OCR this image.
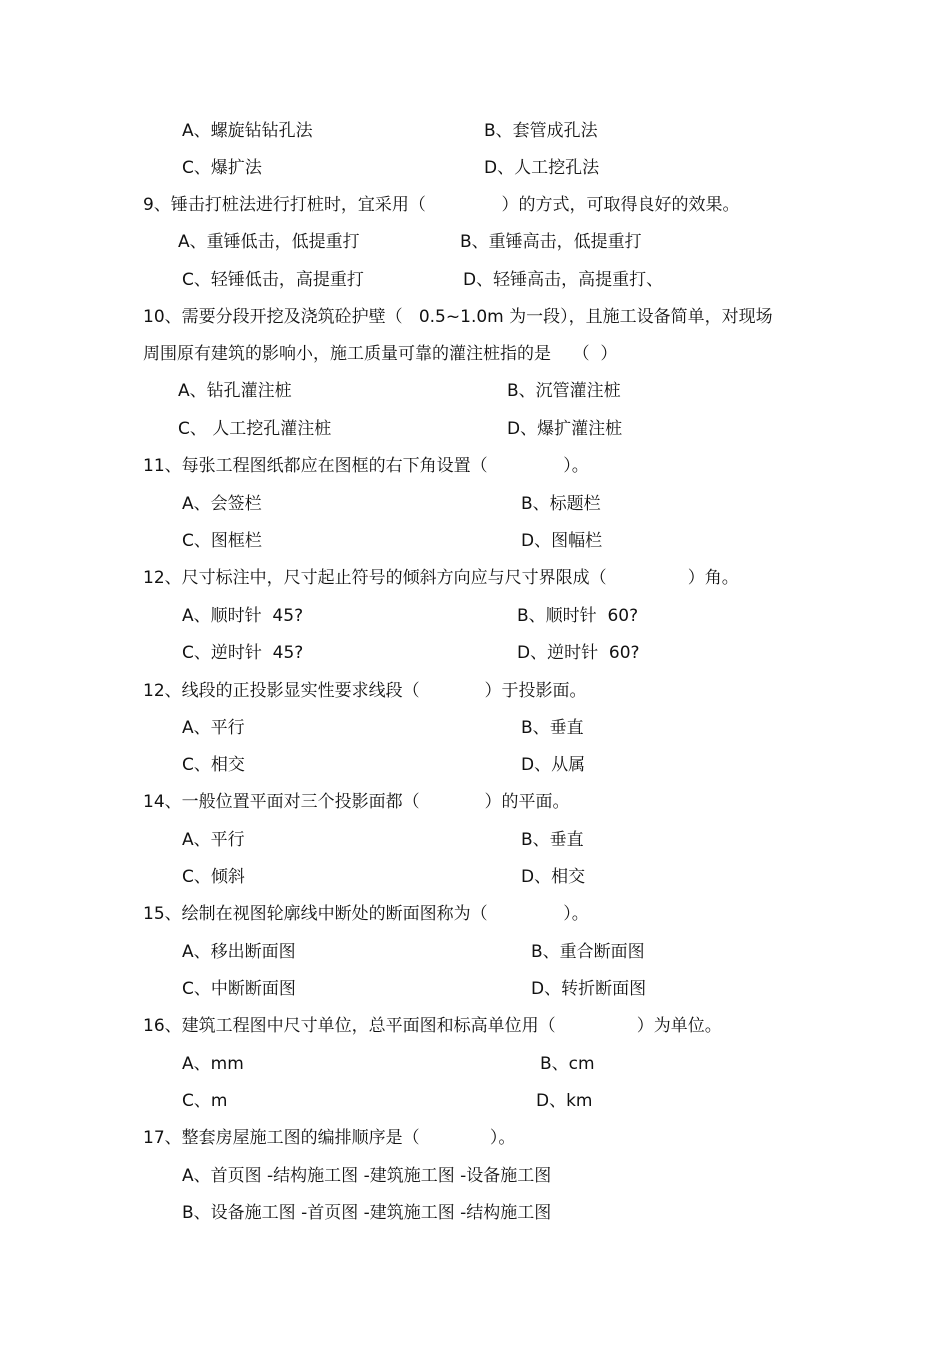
A、螺旋钻钻孔法	B、套管成孔法
C、爆扩法	D、人工挖孔法
9、锤击打桩法进行打桩时，宜采用（              ）的方式，可取得良好的效果。
A、重锤低击，低提重打	B、重锤高击，低提重打
C、轻锤低击，高提重打	D、轻锤高击，高提重打、
10、需要分段开挖及浇筑砼护壁（   0.5~1.0m 为一段），且施工设备简单，对现场
周围原有建筑的影响小，施工质量可靠的灌注桩指的是    （  ）
A、钻孔灌注桩	B、沉管灌注桩
C、 人工挖孔灌注桩	D、爆扩灌注桩
11、每张工程图纸都应在图框的右下角设置（              ）。
A、会签栏	B、标题栏
C、图框栏	D、图幅栏
12、尺寸标注中，尺寸起止符号的倾斜方向应与尺寸界限成（               ）角。
A、顺时针  45?	B、顺时针  60?
C、逆时针  45?	D、逆时针  60?
12、线段的正投影显实性要求线段（            ）于投影面。
A、平行	B、垂直
C、相交	D、从属
14、一般位置平面对三个投影面都（            ）的平面。
A、平行	B、垂直
C、倾斜	D、相交
15、绘制在视图轮廓线中断处的断面图称为（              ）。
A、移出断面图	B、重合断面图
C、中断断面图	D、转折断面图
16、建筑工程图中尺寸单位，总平面图和标高单位用（               ）为单位。
A、mm	B、cm
C、m	D、km
17、整套房屋施工图的编排顺序是（             ）。
A、首页图 -结构施工图 -建筑施工图 -设备施工图
B、设备施工图 -首页图 -建筑施工图 -结构施工图
